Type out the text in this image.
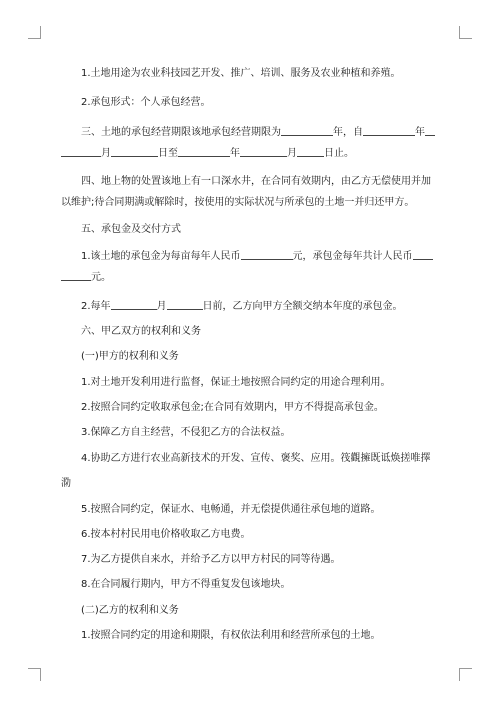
1.土地用途为农业科技园艺开发、推广、培训、服务及农业种植和养殖。
2.承包形式：个人承包经营。
三、土地的承包经营期限该地承包经营期限为	年，自	年
月	日至	年	月	日止。
四、地上物的处置该地上有一口深水井，在合同有效期内，由乙方无偿使用并加
以维护;待合同期满或解除时，按使用的实际状况与所承包的土地一并归还甲方。
五、承包金及交付方式
1.该土地的承包金为每亩每年人民币	元，承包金每年共计人民币
元。
2.每年	月	日前，乙方向甲方全额交纳本年度的承包金。
六、甲乙双方的权利和义务
(一)甲方的权利和义务
1.对土地开发利用进行监督，保证土地按照合同约定的用途合理利用。
2.按照合同约定收取承包金;在合同有效期内，甲方不得提高承包金。
3.保障乙方自主经营，不侵犯乙方的合法权益。
4.协助乙方进行农业高新技术的开发、宣传、褒奖、应用。筏觀擁既诋焕搓唯擇
泐
5.按照合同约定，保证水、电畅通，并无偿提供通往承包地的道路。
6.按本村村民用电价格收取乙方电费。
7.为乙方提供自来水，并给予乙方以甲方村民的同等待遇。
8.在合同履行期内，甲方不得重复发包该地块。
(二)乙方的权利和义务
1.按照合同约定的用途和期限，有权依法利用和经营所承包的土地。
